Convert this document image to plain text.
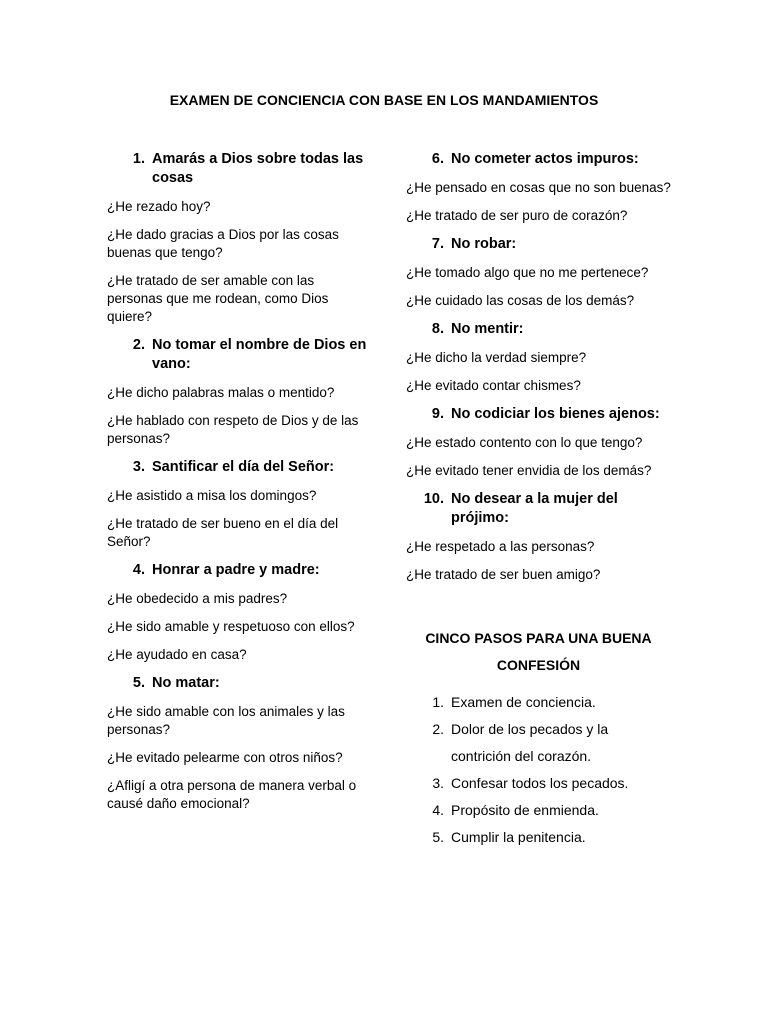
EXAMEN DE CONCIENCIA CON BASE EN LOS MANDAMIENTOS
1. Amarás a Dios sobre todas las cosas
¿He rezado hoy?
¿He dado gracias a Dios por las cosas buenas que tengo?
¿He tratado de ser amable con las personas que me rodean, como Dios quiere?
2. No tomar el nombre de Dios en vano:
¿He dicho palabras malas o mentido?
¿He hablado con respeto de Dios y de las personas?
3. Santificar el día del Señor:
¿He asistido a misa los domingos?
¿He tratado de ser bueno en el día del Señor?
4. Honrar a padre y madre:
¿He obedecido a mis padres?
¿He sido amable y respetuoso con ellos?
¿He ayudado en casa?
5. No matar:
¿He sido amable con los animales y las personas?
¿He evitado pelearme con otros niños?
¿Afligí a otra persona de manera verbal o causé daño emocional?
6. No cometer actos impuros:
¿He pensado en cosas que no son buenas?
¿He tratado de ser puro de corazón?
7. No robar:
¿He tomado algo que no me pertenece?
¿He cuidado las cosas de los demás?
8. No mentir:
¿He dicho la verdad siempre?
¿He evitado contar chismes?
9. No codiciar los bienes ajenos:
¿He estado contento con lo que tengo?
¿He evitado tener envidia de los demás?
10. No desear a la mujer del prójimo:
¿He respetado a las personas?
¿He tratado de ser buen amigo?
CINCO PASOS PARA UNA BUENA CONFESIÓN
1. Examen de conciencia.
2. Dolor de los pecados y la contrición del corazón.
3. Confesar todos los pecados.
4. Propósito de enmienda.
5. Cumplir la penitencia.
